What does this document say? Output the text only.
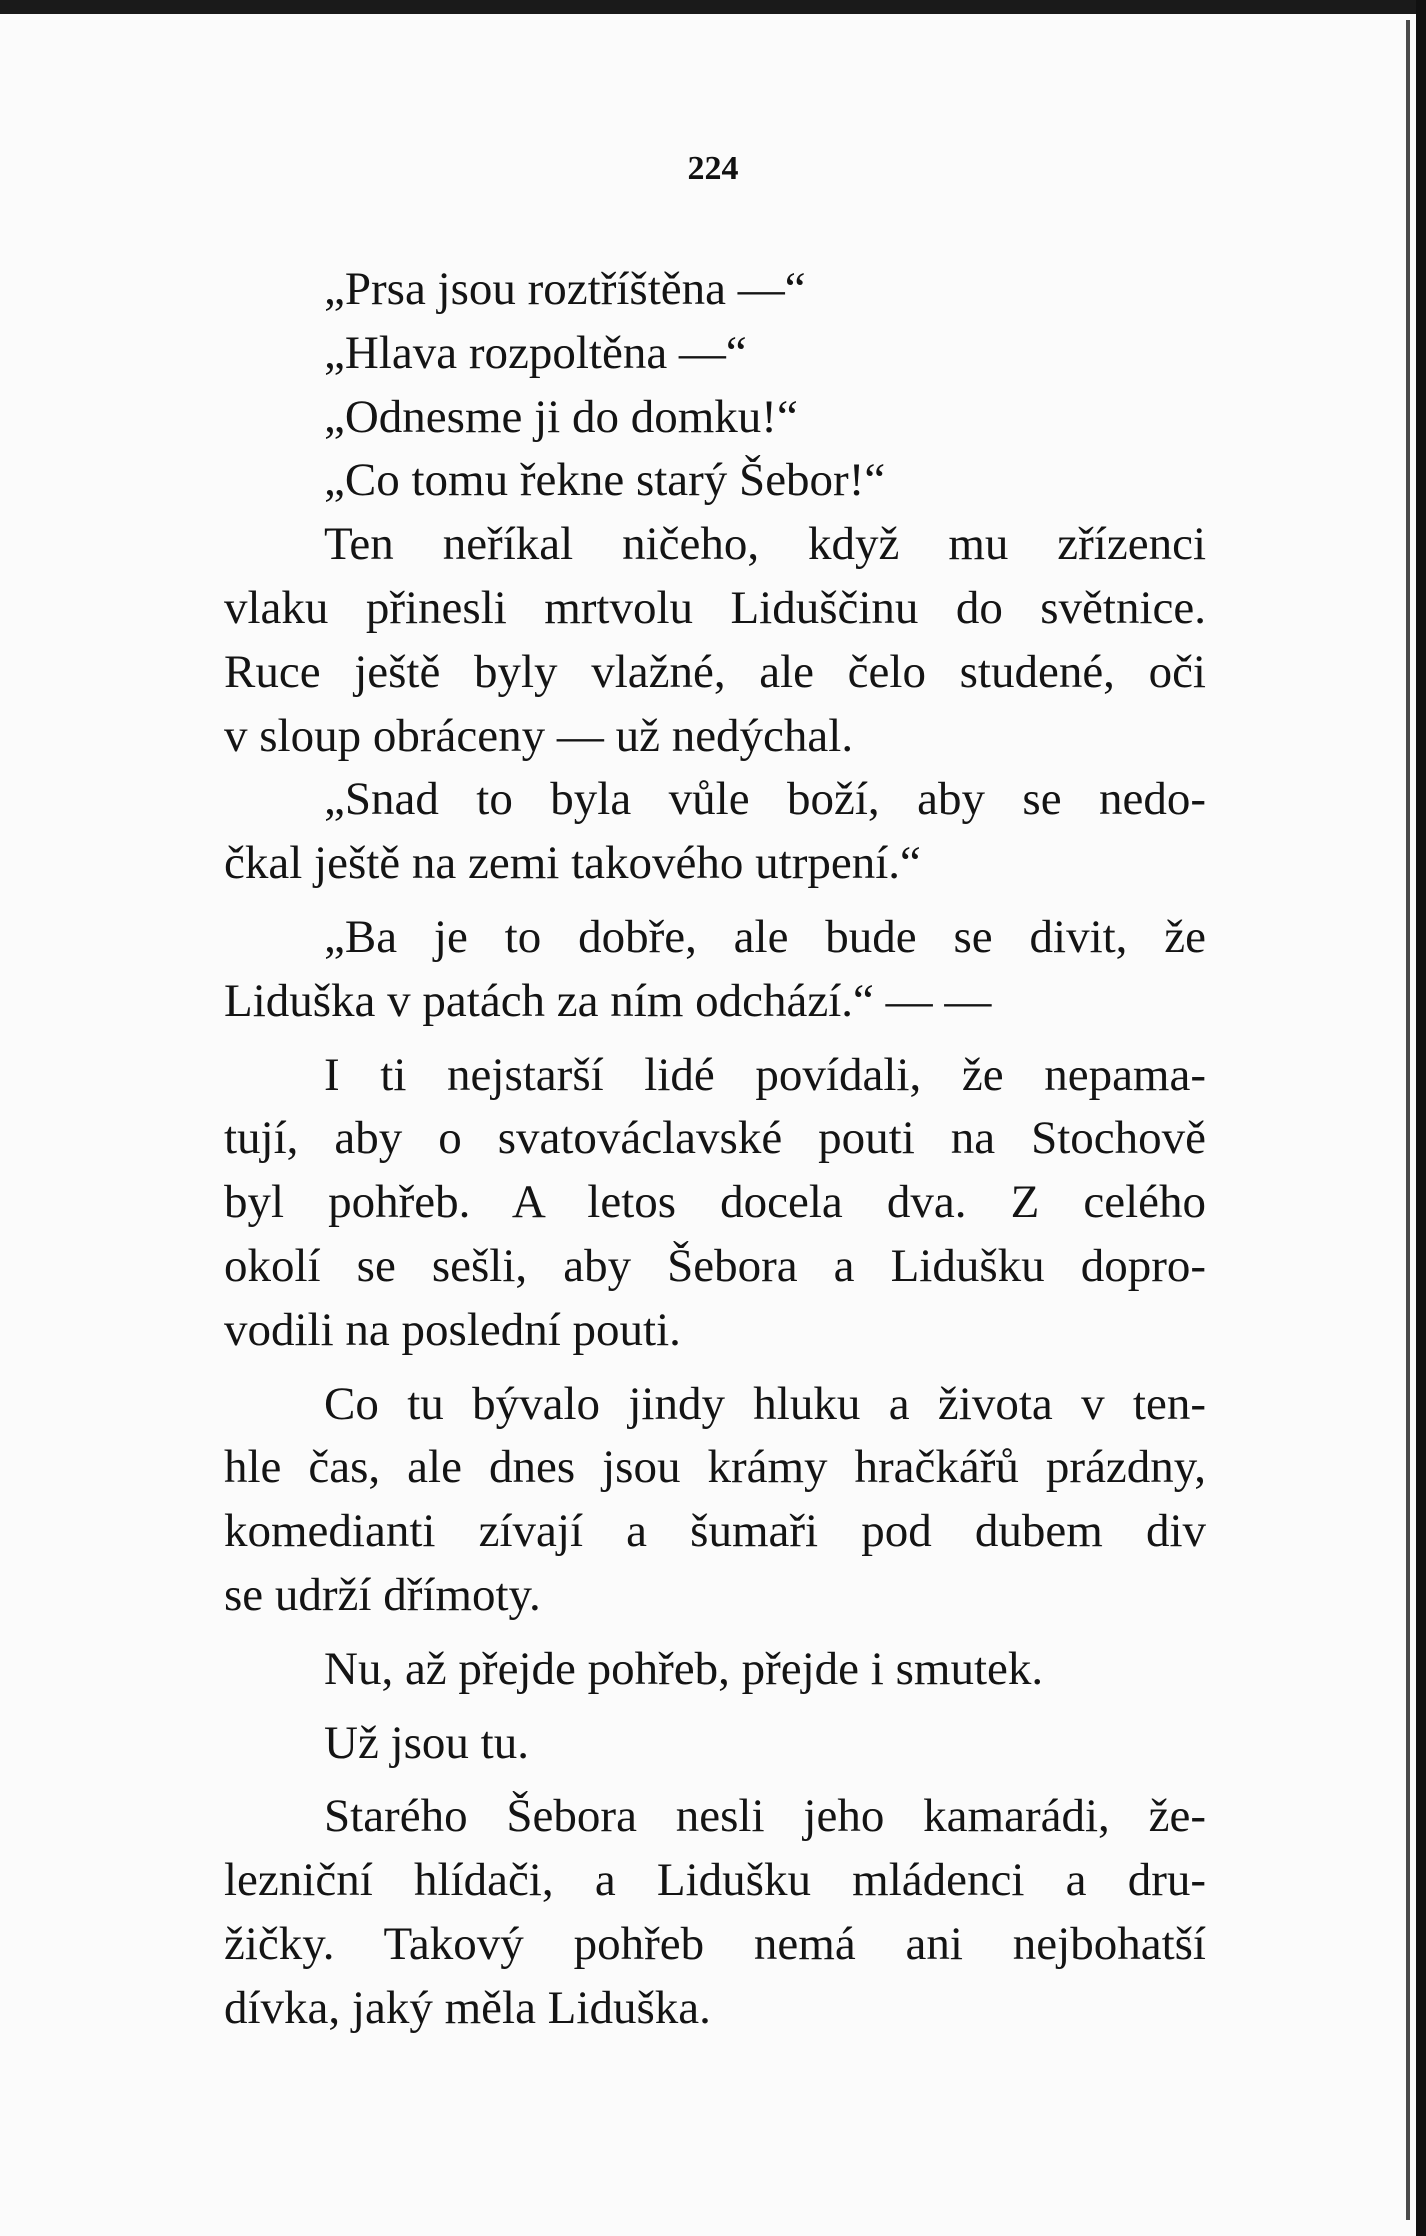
224
„Prsa jsou roztříštěna —“
„Hlava rozpoltěna —“
„Odnesme ji do domku!“
„Co tomu řekne starý Šebor!“
Ten neříkal ničeho, když mu zřízenci
vlaku přinesli mrtvolu Liduščinu do světnice.
Ruce ještě byly vlažné, ale čelo studené, oči
v sloup obráceny — už nedýchal.
„Snad to byla vůle boží, aby se nedo-
čkal ještě na zemi takového utrpení.“
„Ba je to dobře, ale bude se divit, že
Liduška v patách za ním odchází.“ — —
I ti nejstarší lidé povídali, že nepama-
tují, aby o svatováclavské pouti na Stochově
byl pohřeb. A letos docela dva. Z celého
okolí se sešli, aby Šebora a Lidušku dopro-
vodili na poslední pouti.
Co tu bývalo jindy hluku a života v ten-
hle čas, ale dnes jsou krámy hračkářů prázdny,
komedianti zívají a šumaři pod dubem div
se udrží dřímoty.
Nu, až přejde pohřeb, přejde i smutek.
Už jsou tu.
Starého Šebora nesli jeho kamarádi, že-
lezniční hlídači, a Lidušku mládenci a dru-
žičky. Takový pohřeb nemá ani nejbohatší
dívka, jaký měla Liduška.
